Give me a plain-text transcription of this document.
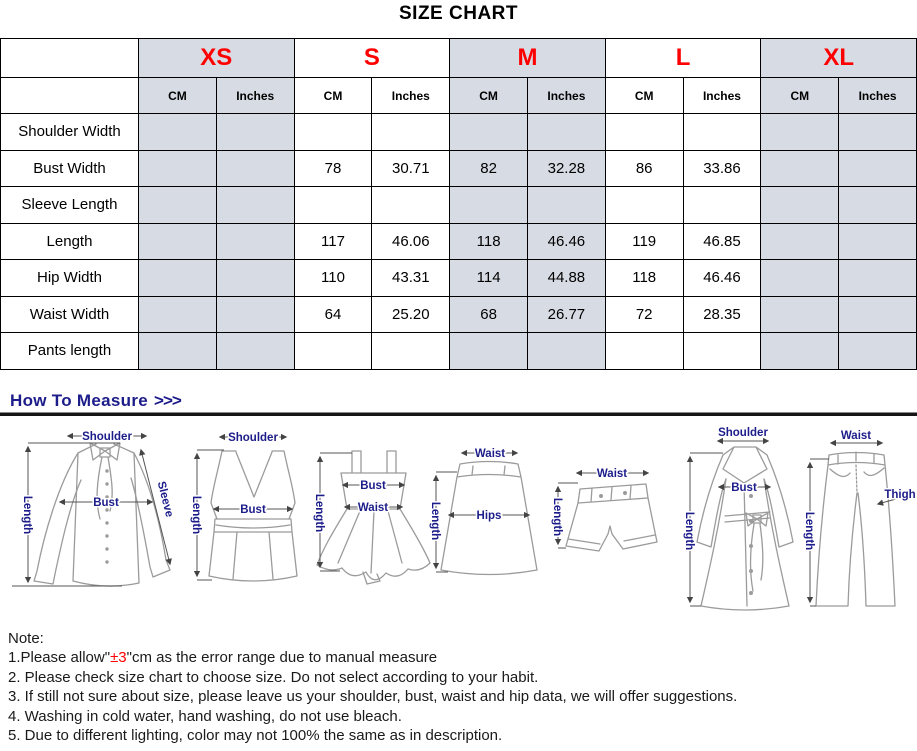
SIZE CHART
	XS		S		M		L		XL	
	CM	Inches	CM	Inches	CM	Inches	CM	Inches	CM	Inches
Shoulder Width										
Bust Width			78	30.71	82	32.28	86	33.86		
Sleeve Length										
Length			117	46.06	118	46.46	119	46.85		
Hip Width			110	43.31	114	44.88	118	46.46		
Waist Width			64	25.20	68	26.77	72	28.35		
Pants length										
How To Measure >>>
Shoulder
Bust	Sleeve
Length
Shoulder
Bust
Length
Bust
Waist
Length
Waist
Hips
Length
Waist
Length
Shoulder
Bust
Length
Waist
Thigh
Length
Note:
1.Please allow"±3"cm as the error range due to manual measure
2. Please check size chart to choose size. Do not select according to your habit.
3. If still not sure about size, please leave us your shoulder, bust, waist and hip data, we will offer suggestions.
4. Washing in cold water, hand washing, do not use bleach.
5. Due to different lighting, color may not 100% the same as in description.
